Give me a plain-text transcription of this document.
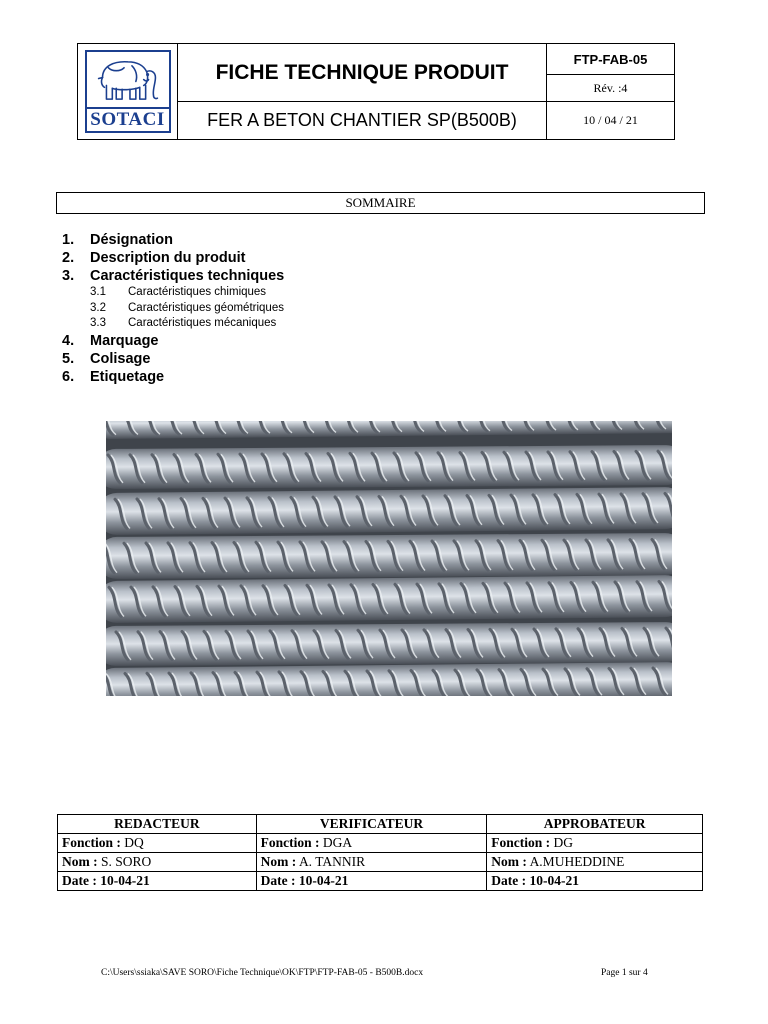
SOTACI
FICHE TECHNIQUE PRODUIT
FER A BETON CHANTIER SP(B500B)
FTP-FAB-05
Rév. :4
10 / 04 / 21
SOMMAIRE
1.	Désignation
2.	Description du produit
3.	Caractéristiques techniques
3.1	Caractéristiques chimiques
3.2	Caractéristiques géométriques
3.3	Caractéristiques mécaniques
4.	Marquage
5.	Colisage
6.	Etiquetage
REDACTEUR	VERIFICATEUR	APPROBATEUR
Fonction : DQ	Fonction : DGA	Fonction : DG
Nom : S. SORO	Nom : A. TANNIR	Nom : A.MUHEDDINE
Date : 10-04-21	Date : 10-04-21	Date : 10-04-21
C:\Users\ssiaka\SAVE SORO\Fiche Technique\OK\FTP\FTP-FAB-05 - B500B.docx	Page 1 sur 4
